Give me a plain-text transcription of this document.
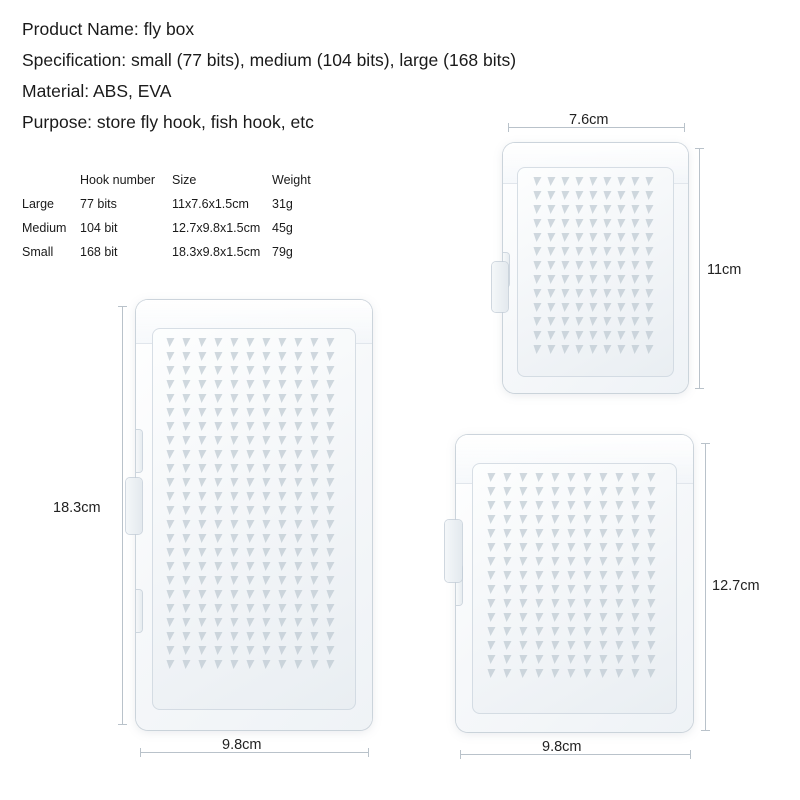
Product Name: fly box
Specification: small (77 bits), medium (104 bits), large (168 bits)
Material: ABS, EVA
Purpose: store fly hook, fish hook, etc
	Hook number	Size	Weight
Large	77 bits	11x7.6x1.5cm	31g
Medium	104 bit	12.7x9.8x1.5cm	45g
Small	168 bit	18.3x9.8x1.5cm	79g
7.6cm
11cm
9.8cm
12.7cm
9.8cm
18.3cm
